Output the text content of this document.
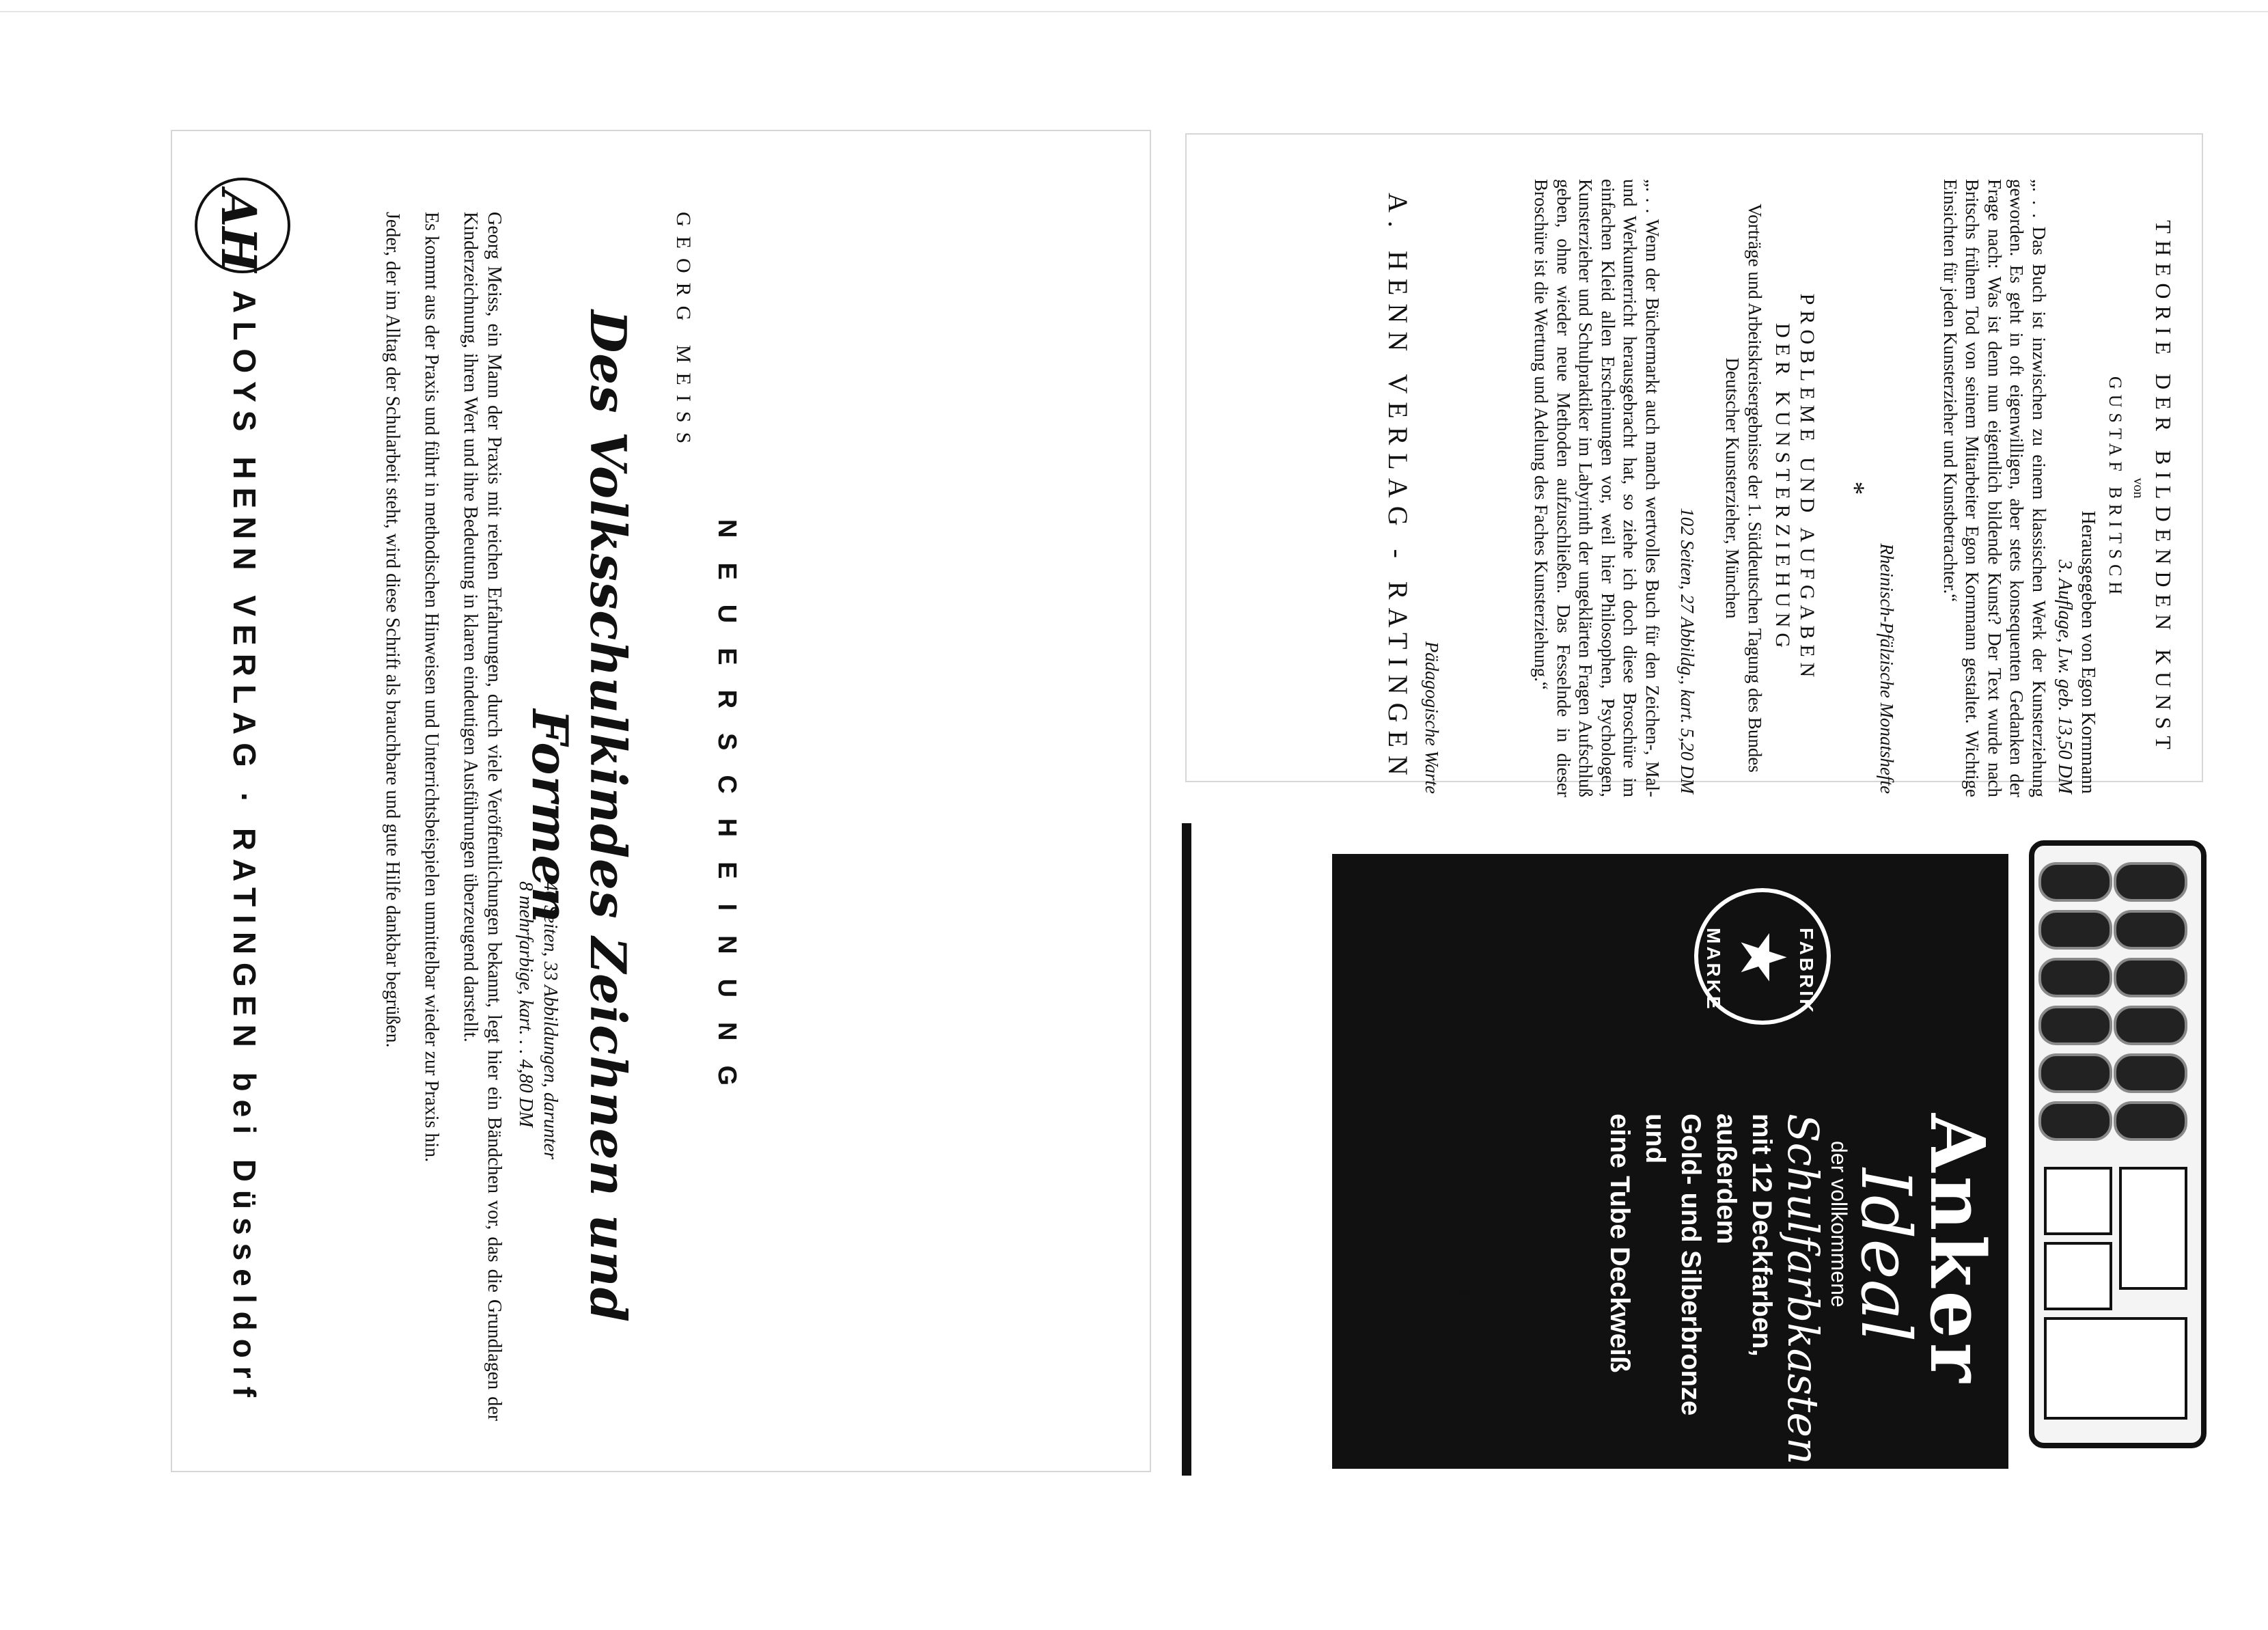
NEUERSCHEINUNG
GEORG MEISS
Des Volksschulkindes Zeichnen und Formen
40 Seiten, 33 Abbildungen, darunter
8 mehrfarbige, kart. . . 4,80 DM

Georg Meiss, ein Mann der Praxis mit reichen Erfahrungen, durch viele Veröffentlichungen bekannt, legt hier ein Bändchen vor, das die Grundlagen der Kinderzeichnung, ihren Wert und ihre Bedeutung in klaren eindeutigen Ausführungen überzeugend darstellt.

Es kommt aus der Praxis und führt in methodischen Hinweisen und Unterrichtsbeispielen unmittelbar wieder zur Praxis hin.

Jeder, der im Alltag der Schularbeit steht, wird diese Schrift als brauchbare und gute Hilfe dankbar begrüßen.

AH
ALOYS HENN VERLAG · RATINGEN bei Düsseldorf	THEORIE DER BILDENDEN KUNST
von
GUSTAF BRITSCH
Herausgegeben von Egon Kornmann
3. Auflage, Lw. geb. 13,50 DM
„. . . Das Buch ist inzwischen zu einem klassischen Werk der Kunsterziehung geworden. Es geht in oft eigenwilligen, aber stets konsequenten Gedanken der Frage nach: Was ist denn nun eigentlich bildende Kunst? Der Text wurde nach Britschs frühem Tod von seinem Mitarbeiter Egon Kornmann gestaltet. Wichtige Einsichten für jeden Kunsterzieher und Kunstbetrachter.“
Rheinisch-Pfälzische Monatshefte
*
PROBLEME UND AUFGABEN
DER KUNSTERZIEHUNG
Vorträge und Arbeitskreisergebnisse der 1. Süddeutschen Tagung des Bundes Deutscher Kunsterzieher, München
102 Seiten, 27 Abbildg., kart. 5,20 DM
„. . . Wenn der Büchermarkt auch manch wertvolles Buch für den Zeichen-, Mal- und Werkunterricht herausgebracht hat, so ziehe ich doch diese Broschüre im einfachen Kleid allen Erscheinungen vor, weil hier Philosophen, Psychologen, Kunsterzieher und Schulpraktiker im Labyrinth der ungeklärten Fragen Aufschluß geben, ohne wieder neue Methoden aufzuschließen. Das Fesselnde in dieser Broschüre ist die Wertung und Adelung des Faches Kunsterziehung.“
Pädagogische Warte
A. HENN VERLAG - RATINGEN
Anker
Ideal
der vollkommene
Schulfarbkasten
mit 12 Deckfarben, außerdem
Gold- und Silberbronze und
eine Tube Deckweiß
FABRIK
★
MARKE
Angebote u. Muster durch den Hersteller:
KOCH & SCHMIDT
COBURG / BAY. 130
